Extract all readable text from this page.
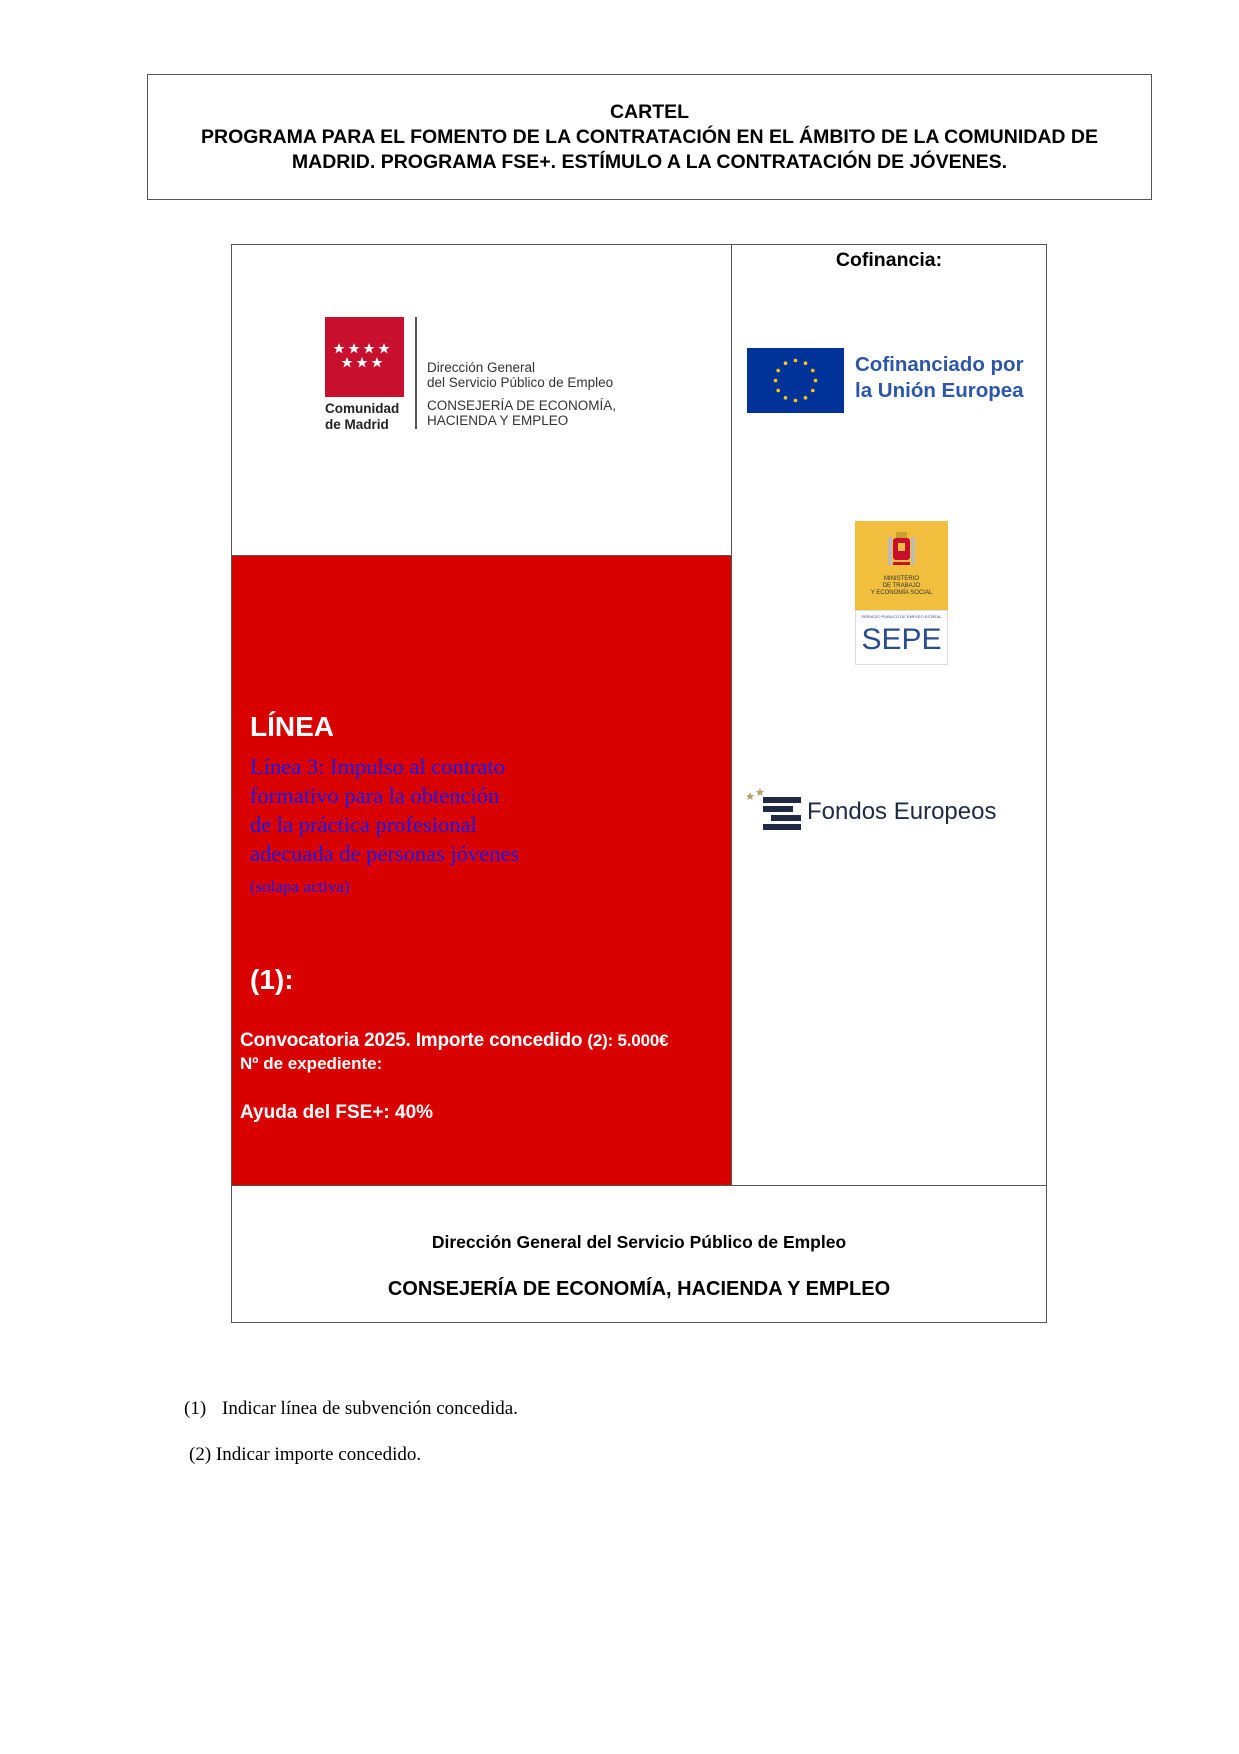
CARTEL
PROGRAMA PARA EL FOMENTO DE LA CONTRATACIÓN EN EL ÁMBITO DE LA COMUNIDAD DE
MADRID. PROGRAMA FSE+. ESTÍMULO A LA CONTRATACIÓN DE JÓVENES.
Comunidad
de Madrid
Dirección General
del Servicio Público de Empleo
CONSEJERÍA DE ECONOMÍA,
HACIENDA Y EMPLEO
LÍNEA
Línea 3: Impulso al contrato
formativo para la obtención
de la práctica profesional
adecuada de personas jóvenes
(solapa activa)
(1):
Convocatoria 2025. Importe concedido (2): 5.000€
Nº de expediente:
Ayuda del FSE+: 40%
Cofinancia:
Cofinanciado por
la Unión Europea
MINISTERIO
DE TRABAJO
Y ECONOMÍA SOCIAL
SERVICIO PÚBLICO DE EMPLEO ESTATAL
SEPE
Fondos Europeos
Dirección General del Servicio Público de Empleo
CONSEJERÍA DE ECONOMÍA, HACIENDA Y EMPLEO
(1) Indicar línea de subvención concedida.
(2) Indicar importe concedido.
